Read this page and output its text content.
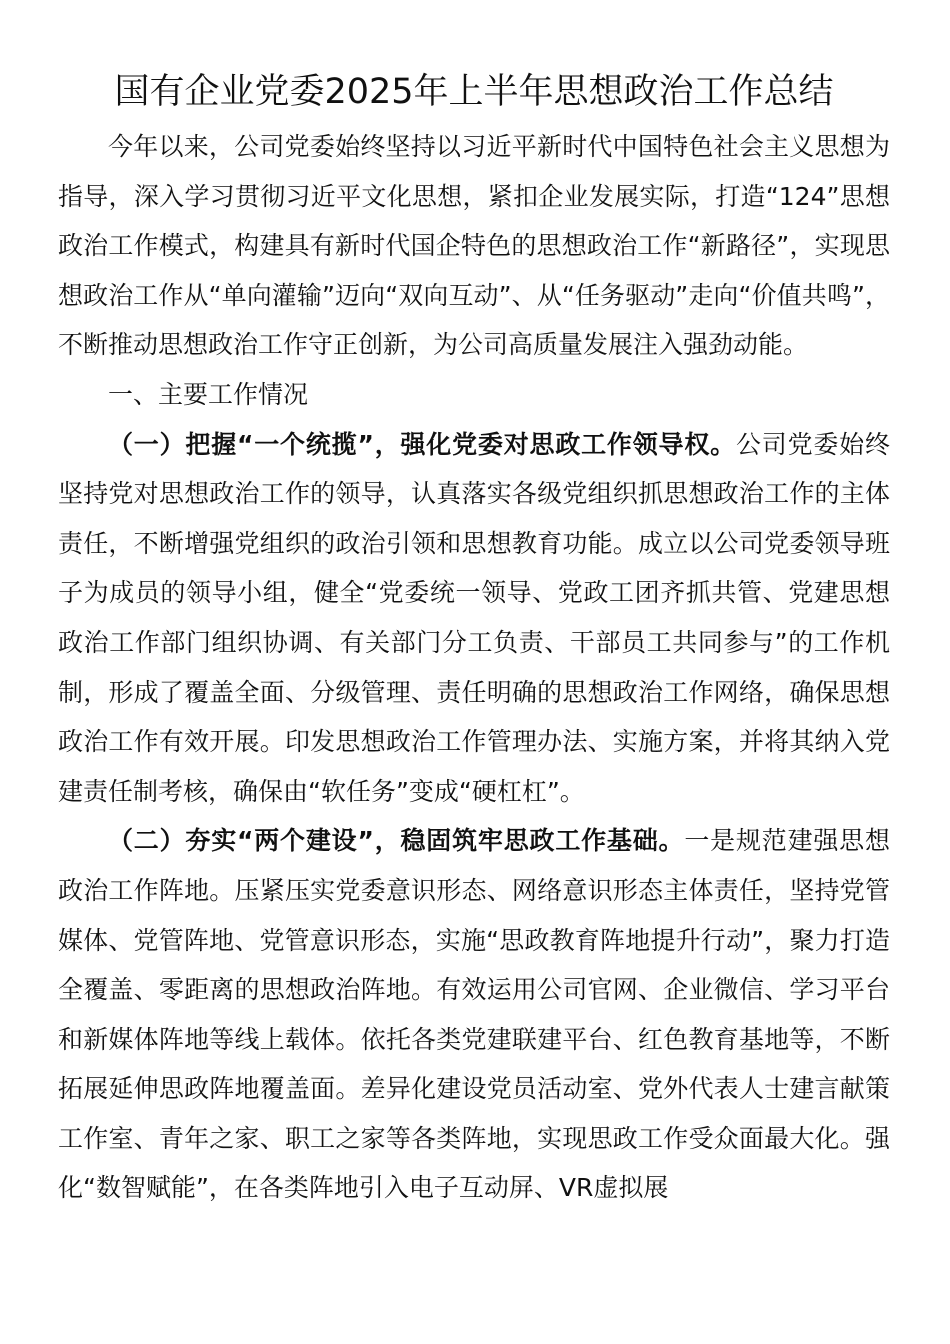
国有企业党委2025年上半年思想政治工作总结

今年以来，公司党委始终坚持以习近平新时代中国特色社会主义思想为指导，深入学习贯彻习近平文化思想，紧扣企业发展实际，打造“124”思想政治工作模式，构建具有新时代国企特色的思想政治工作“新路径”，实现思想政治工作从“单向灌输”迈向“双向互动”、从“任务驱动”走向“价值共鸣”，不断推动思想政治工作守正创新，为公司高质量发展注入强劲动能。

一、主要工作情况

（一）把握“一个统揽”，强化党委对思政工作领导权。公司党委始终坚持党对思想政治工作的领导，认真落实各级党组织抓思想政治工作的主体责任，不断增强党组织的政治引领和思想教育功能。成立以公司党委领导班子为成员的领导小组，健全“党委统一领导、党政工团齐抓共管、党建思想政治工作部门组织协调、有关部门分工负责、干部员工共同参与”的工作机制，形成了覆盖全面、分级管理、责任明确的思想政治工作网络，确保思想政治工作有效开展。印发思想政治工作管理办法、实施方案，并将其纳入党建责任制考核，确保由“软任务”变成“硬杠杠”。

（二）夯实“两个建设”，稳固筑牢思政工作基础。一是规范建强思想政治工作阵地。压紧压实党委意识形态、网络意识形态主体责任，坚持党管媒体、党管阵地、党管意识形态，实施“思政教育阵地提升行动”，聚力打造全覆盖、零距离的思想政治阵地。有效运用公司官网、企业微信、学习平台和新媒体阵地等线上载体。依托各类党建联建平台、红色教育基地等，不断拓展延伸思政阵地覆盖面。差异化建设党员活动室、党外代表人士建言献策工作室、青年之家、职工之家等各类阵地，实现思政工作受众面最大化。强化“数智赋能”，在各类阵地引入电子互动屏、VR虚拟展
